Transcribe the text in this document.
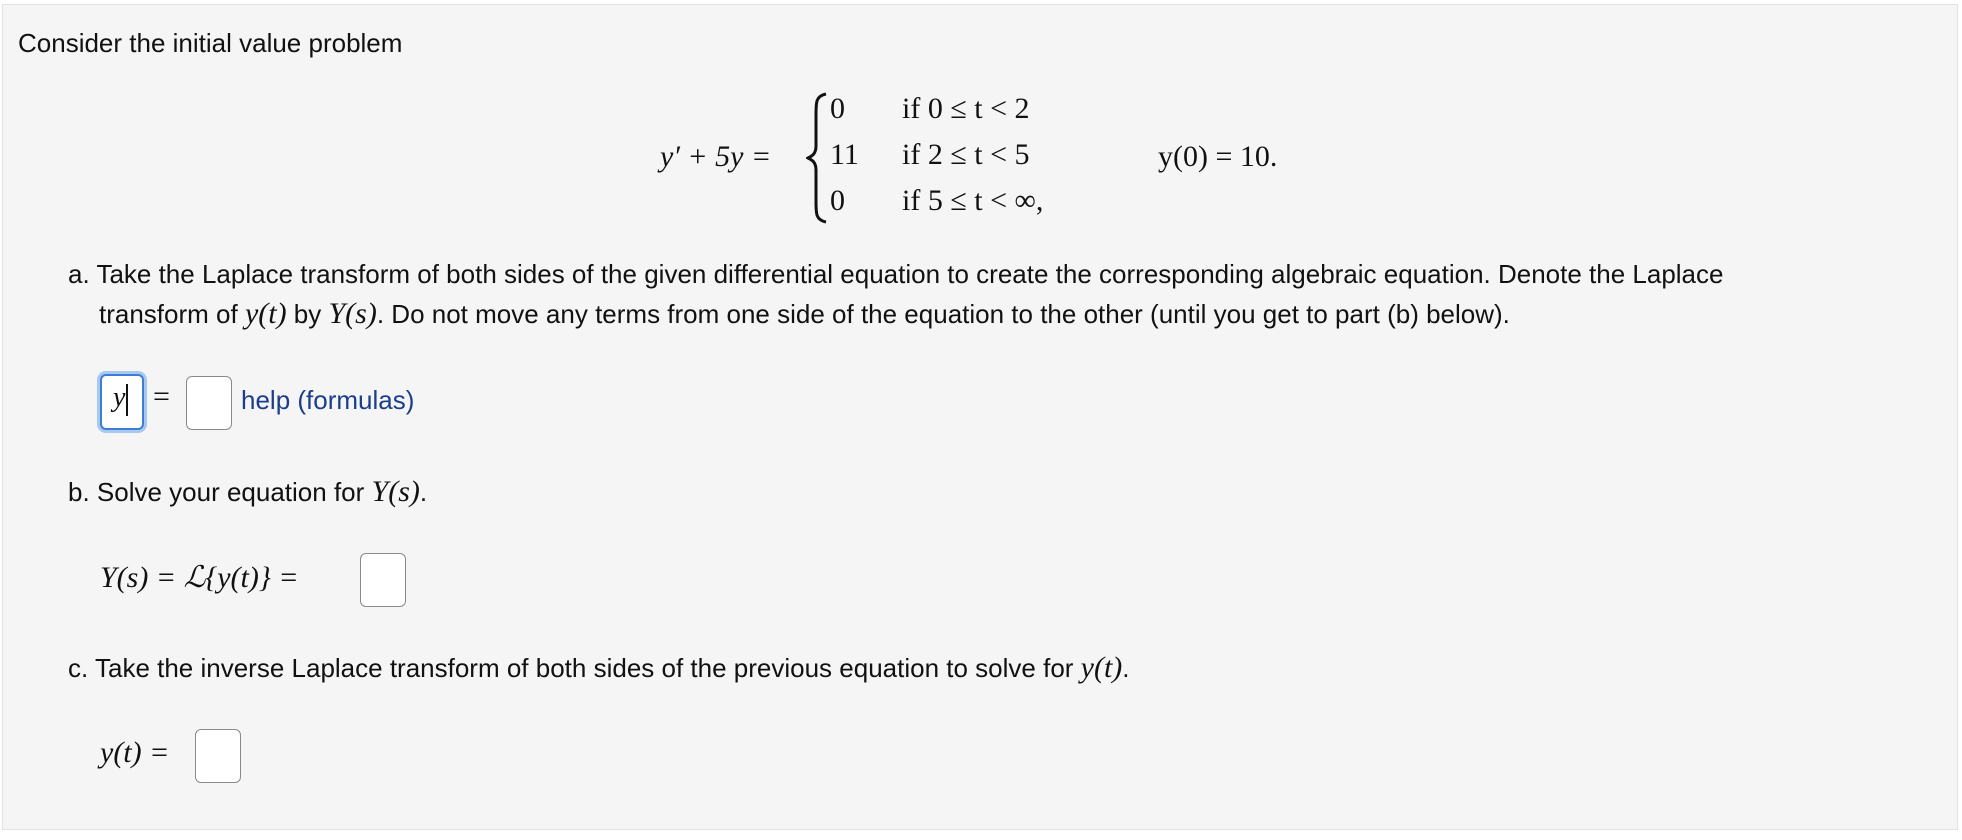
Consider the initial value problem
y′ + 5y =
0 if 0 ≤ t < 2
11 if 2 ≤ t < 5
0 if 5 ≤ t < ∞,
y(0) = 10.
a. Take the Laplace transform of both sides of the given differential equation to create the corresponding algebraic equation. Denote the Laplace
transform of y(t) by Y(s). Do not move any terms from one side of the equation to the other (until you get to part (b) below).
y =	help (formulas)
b. Solve your equation for Y(s).
Y(s) = ℒ{y(t)} =
c. Take the inverse Laplace transform of both sides of the previous equation to solve for y(t).
y(t) =
